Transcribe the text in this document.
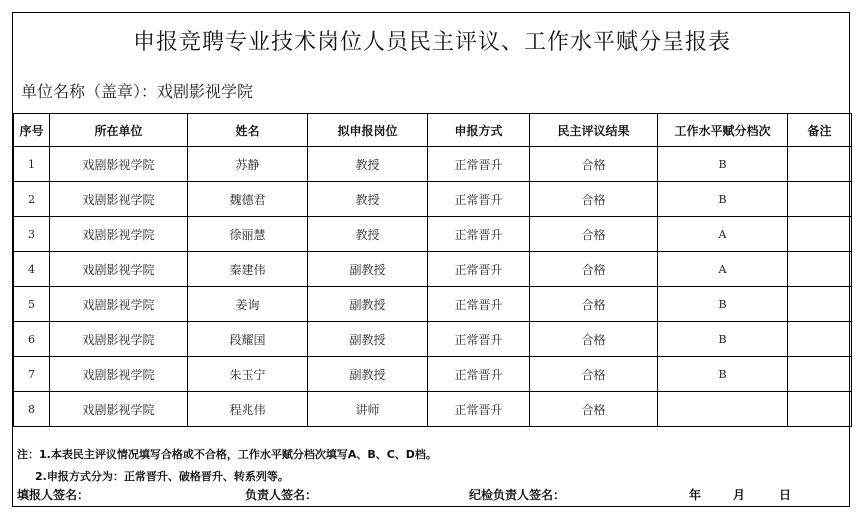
申报竞聘专业技术岗位人员民主评议、工作水平赋分呈报表
单位名称（盖章）：戏剧影视学院
序号	所在单位	姓名	拟申报岗位	申报方式	民主评议结果	工作水平赋分档次	备注
1	戏剧影视学院	苏静	教授	正常晋升	合格	B	
2	戏剧影视学院	魏德君	教授	正常晋升	合格	B	
3	戏剧影视学院	徐丽慧	教授	正常晋升	合格	A	
4	戏剧影视学院	秦建伟	副教授	正常晋升	合格	A	
5	戏剧影视学院	姜询	副教授	正常晋升	合格	B	
6	戏剧影视学院	段耀国	副教授	正常晋升	合格	B	
7	戏剧影视学院	朱玉宁	副教授	正常晋升	合格	B	
8	戏剧影视学院	程兆伟	讲师	正常晋升	合格		
注：1.本表民主评议情况填写合格或不合格，工作水平赋分档次填写A、B、C、D档。
2.申报方式分为：正常晋升、破格晋升、转系列等。
填报人签名：	负责人签名：	纪检负责人签名：	年	月	日
